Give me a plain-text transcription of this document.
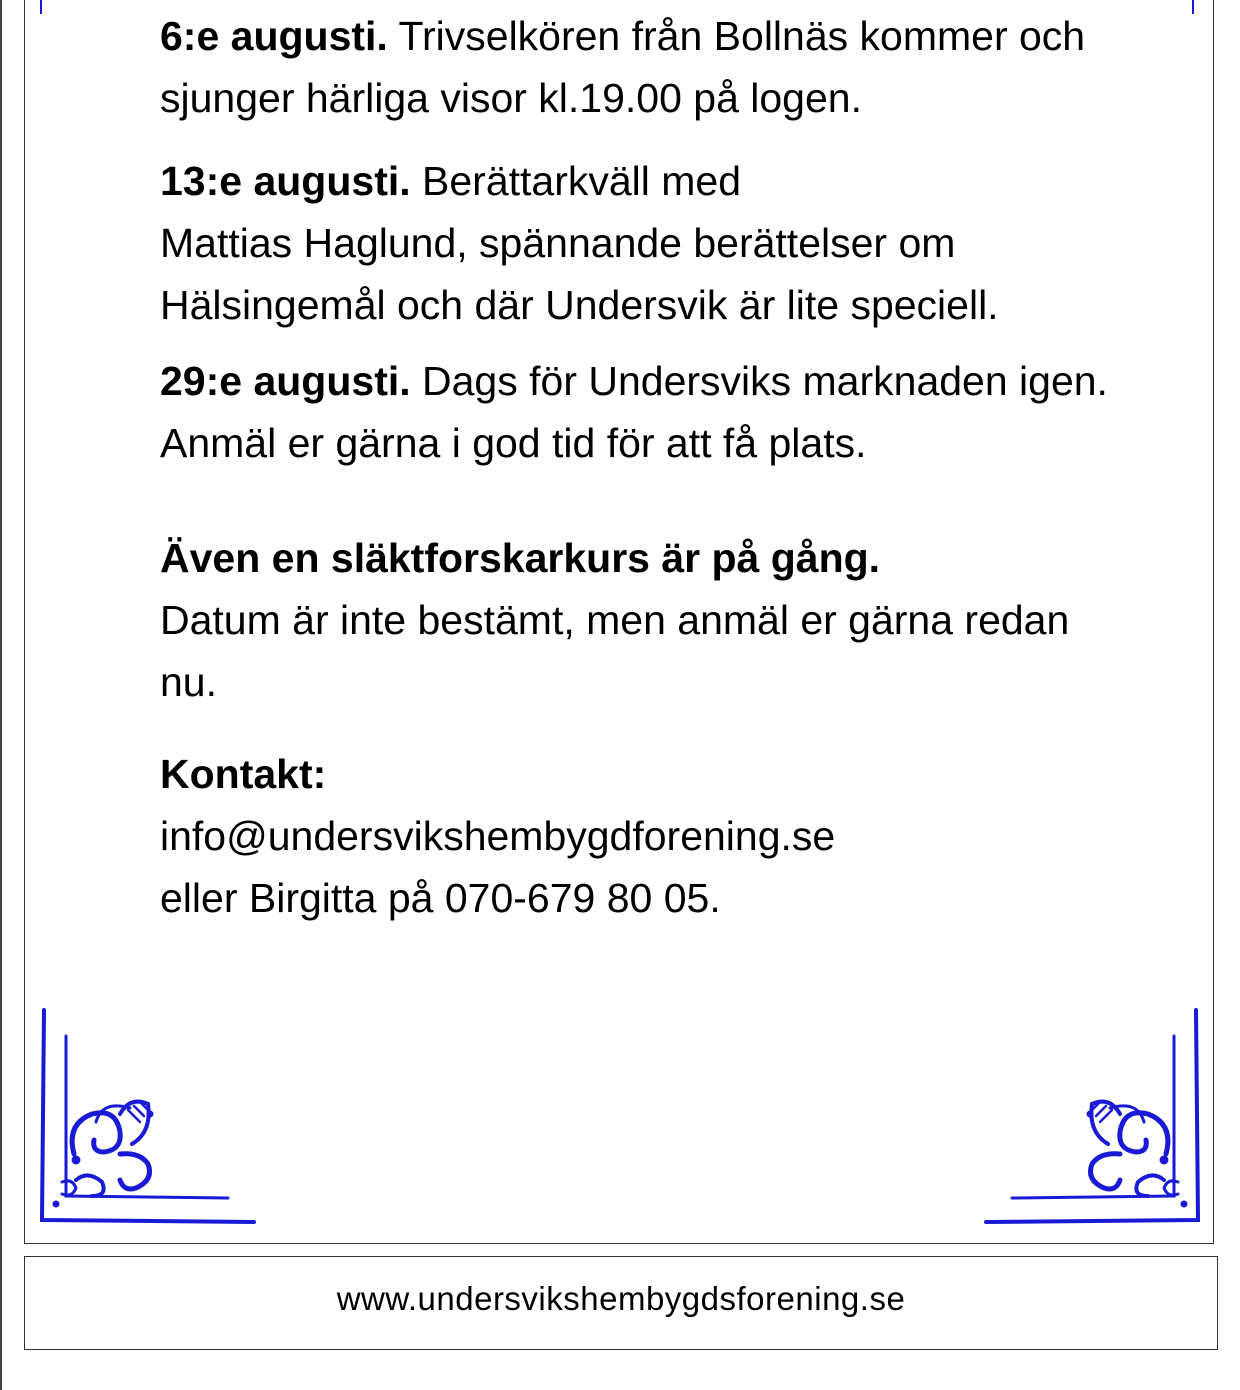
6:e augusti. Trivselkören från Bollnäs kommer och sjunger härliga visor kl.19.00 på logen.

13:e augusti. Berättarkväll med

Mattias Haglund, spännande berättelser om Hälsingemål och där Undersvik är lite speciell.

29:e augusti. Dags för Undersviks marknaden igen.

Anmäl er gärna i god tid för att få plats.

Även en släktforskarkurs är på gång.

Datum är inte bestämt, men anmäl er gärna redan nu.

Kontakt:

info@undersvikshembygdforening.se

eller Birgitta på 070-679 80 05.

www.undersvikshembygdsforening.se
